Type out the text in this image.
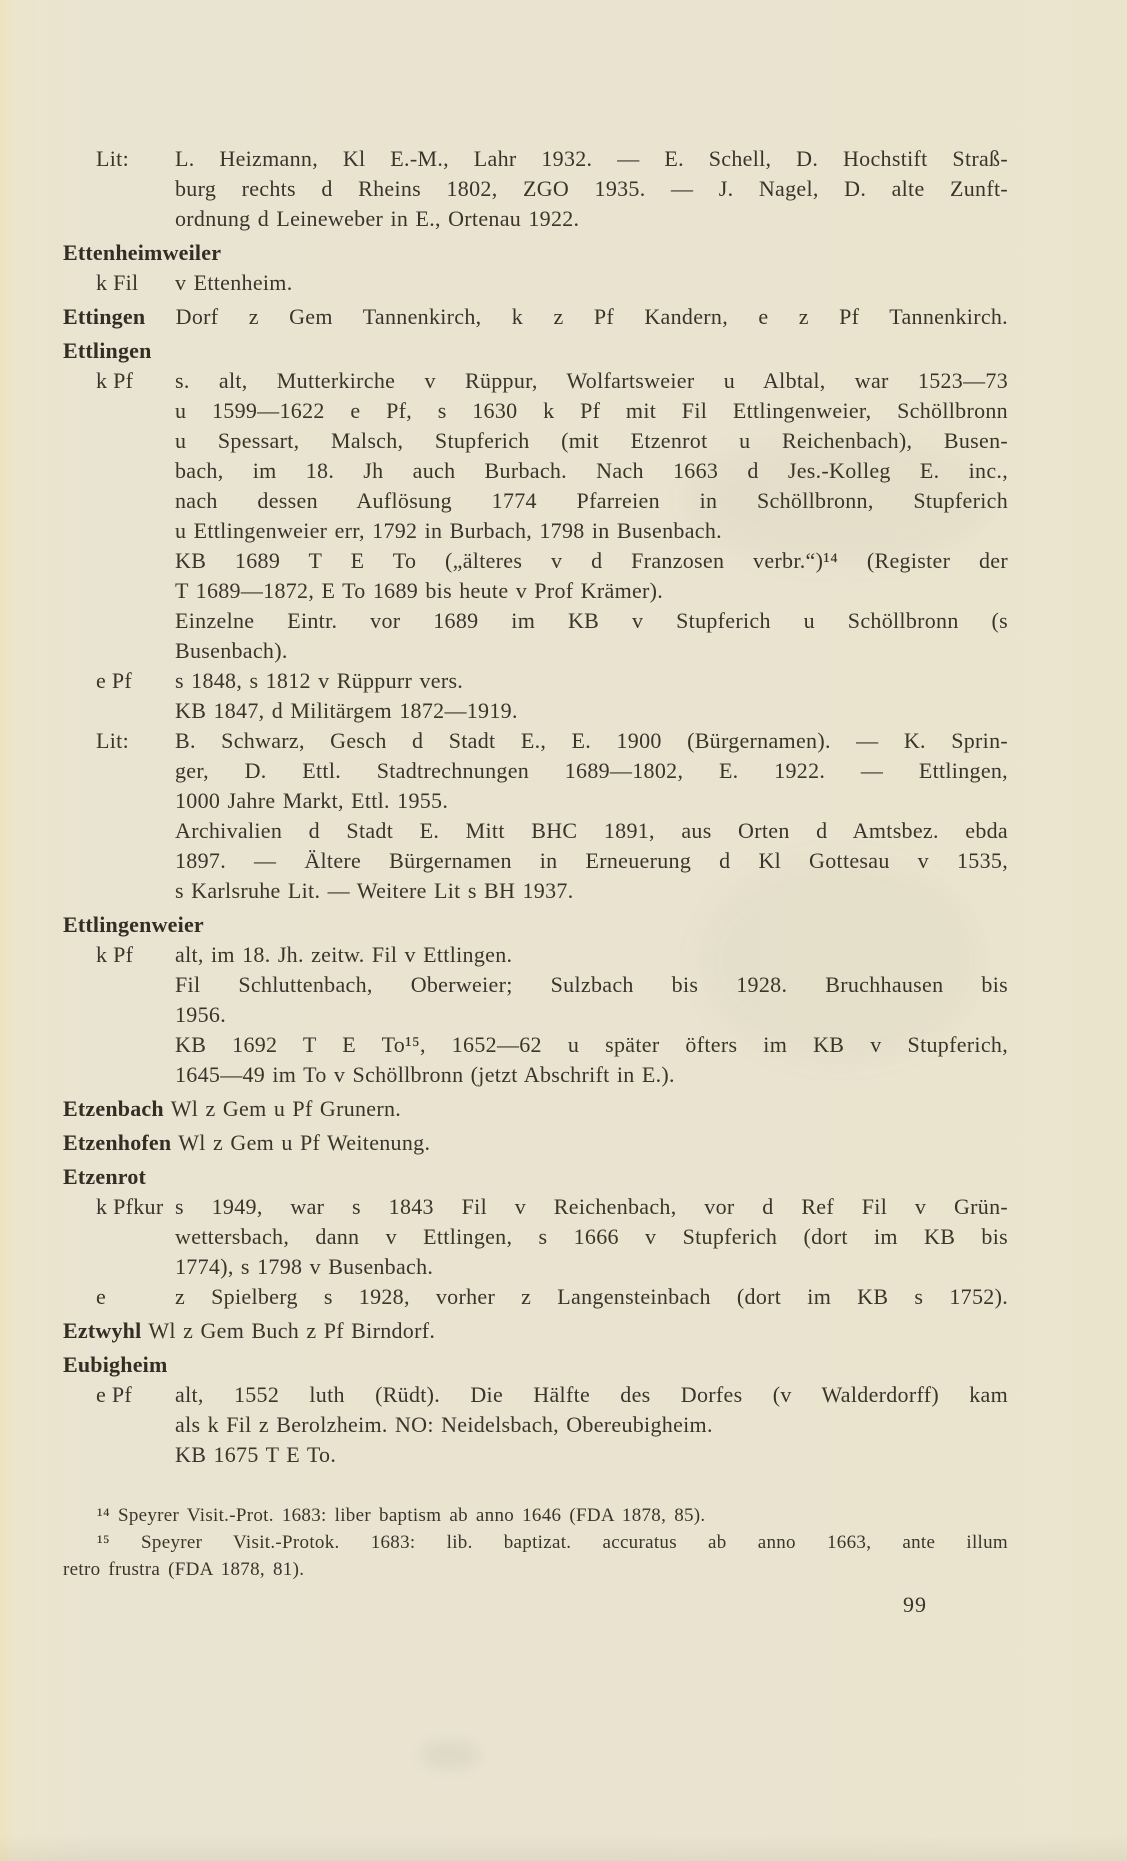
Lit: L. Heizmann, Kl E.-M., Lahr 1932. — E. Schell, D. Hochstift Straß-
burg rechts d Rheins 1802, ZGO 1935. — J. Nagel, D. alte Zunft-
ordnung d Leineweber in E., Ortenau 1922.
Ettenheimweiler
k Fil v Ettenheim.
Ettingen Dorf z Gem Tannenkirch, k z Pf Kandern, e z Pf Tannenkirch.
Ettlingen
k Pf s. alt, Mutterkirche v Rüppur, Wolfartsweier u Albtal, war 1523—73
u 1599—1622 e Pf, s 1630 k Pf mit Fil Ettlingenweier, Schöllbronn
u Spessart, Malsch, Stupferich (mit Etzenrot u Reichenbach), Busen-
bach, im 18. Jh auch Burbach. Nach 1663 d Jes.-Kolleg E. inc.,
nach dessen Auflösung 1774 Pfarreien in Schöllbronn, Stupferich
u Ettlingenweier err, 1792 in Burbach, 1798 in Busenbach.
KB 1689 T E To („älteres v d Franzosen verbr.“)¹⁴ (Register der
T 1689—1872, E To 1689 bis heute v Prof Krämer).
Einzelne Eintr. vor 1689 im KB v Stupferich u Schöllbronn (s
Busenbach).
e Pf s 1848, s 1812 v Rüppurr vers.
KB 1847, d Militärgem 1872—1919.
Lit: B. Schwarz, Gesch d Stadt E., E. 1900 (Bürgernamen). — K. Sprin-
ger, D. Ettl. Stadtrechnungen 1689—1802, E. 1922. — Ettlingen,
1000 Jahre Markt, Ettl. 1955.
Archivalien d Stadt E. Mitt BHC 1891, aus Orten d Amtsbez. ebda
1897. — Ältere Bürgernamen in Erneuerung d Kl Gottesau v 1535,
s Karlsruhe Lit. — Weitere Lit s BH 1937.
Ettlingenweier
k Pf alt, im 18. Jh. zeitw. Fil v Ettlingen.
Fil Schluttenbach, Oberweier; Sulzbach bis 1928. Bruchhausen bis
1956.
KB 1692 T E To¹⁵, 1652—62 u später öfters im KB v Stupferich,
1645—49 im To v Schöllbronn (jetzt Abschrift in E.).
Etzenbach Wl z Gem u Pf Grunern.
Etzenhofen Wl z Gem u Pf Weitenung.
Etzenrot
k Pfkur s 1949, war s 1843 Fil v Reichenbach, vor d Ref Fil v Grün-
wettersbach, dann v Ettlingen, s 1666 v Stupferich (dort im KB bis
1774), s 1798 v Busenbach.
e	z Spielberg s 1928, vorher z Langensteinbach (dort im KB s 1752).
Eztwyhl Wl z Gem Buch z Pf Birndorf.
Eubigheim
e Pf alt, 1552 luth (Rüdt). Die Hälfte des Dorfes (v Walderdorff) kam
als k Fil z Berolzheim. NO: Neidelsbach, Obereubigheim.
KB 1675 T E To.
¹⁴ Speyrer Visit.-Prot. 1683: liber baptism ab anno 1646 (FDA 1878, 85).
¹⁵ Speyrer Visit.-Protok. 1683: lib. baptizat. accuratus ab anno 1663, ante illum
retro frustra (FDA 1878, 81).
99
